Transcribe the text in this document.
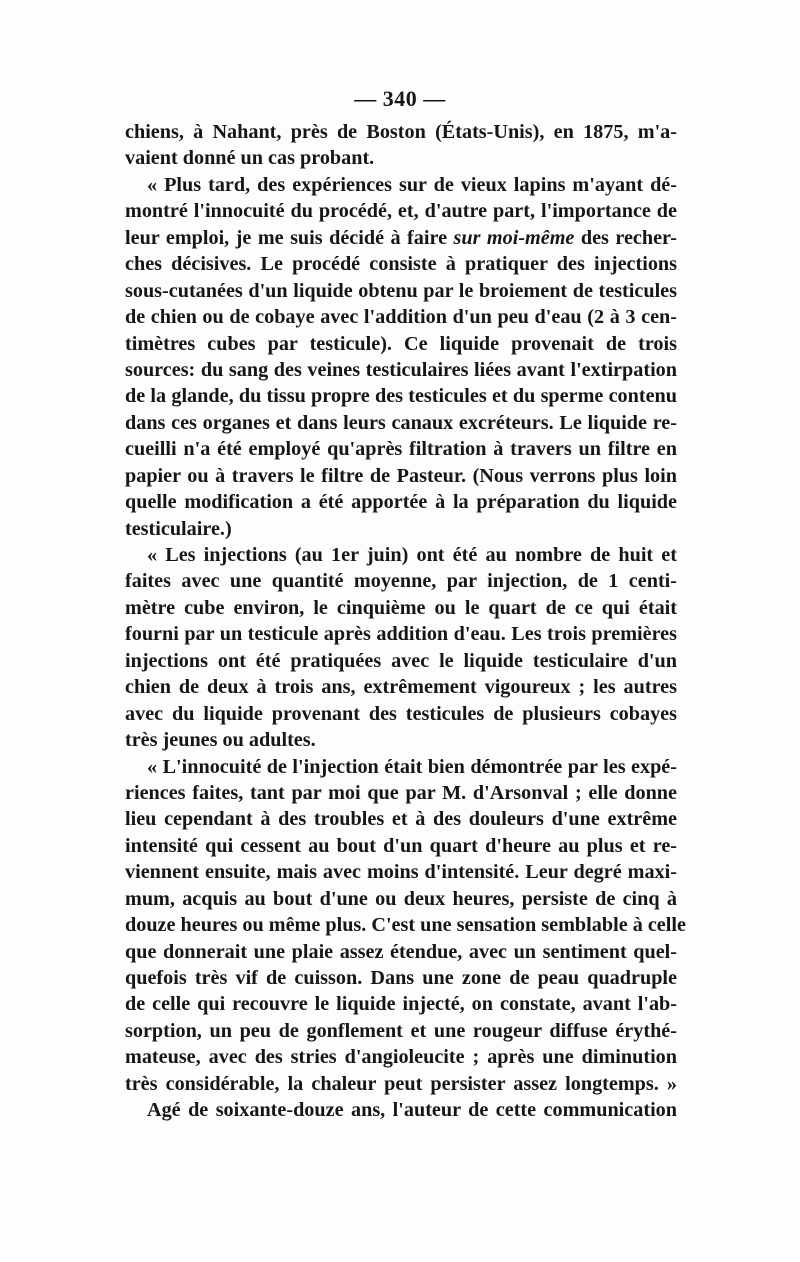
— 340 —
chiens, à Nahant, près de Boston (États-Unis), en 1875, m'a-
vaient donné un cas probant.
« Plus tard, des expériences sur de vieux lapins m'ayant dé-
montré l'innocuité du procédé, et, d'autre part, l'importance de
leur emploi, je me suis décidé à faire sur moi-même des recher-
ches décisives. Le procédé consiste à pratiquer des injections
sous-cutanées d'un liquide obtenu par le broiement de testicules
de chien ou de cobaye avec l'addition d'un peu d'eau (2 à 3 cen-
timètres cubes par testicule). Ce liquide provenait de trois
sources: du sang des veines testiculaires liées avant l'extirpation
de la glande, du tissu propre des testicules et du sperme contenu
dans ces organes et dans leurs canaux excréteurs. Le liquide re-
cueilli n'a été employé qu'après filtration à travers un filtre en
papier ou à travers le filtre de Pasteur. (Nous verrons plus loin
quelle modification a été apportée à la préparation du liquide
testiculaire.)
« Les injections (au 1er juin) ont été au nombre de huit et
faites avec une quantité moyenne, par injection, de 1 centi-
mètre cube environ, le cinquième ou le quart de ce qui était
fourni par un testicule après addition d'eau. Les trois premières
injections ont été pratiquées avec le liquide testiculaire d'un
chien de deux à trois ans, extrêmement vigoureux ; les autres
avec du liquide provenant des testicules de plusieurs cobayes
très jeunes ou adultes.
« L'innocuité de l'injection était bien démontrée par les expé-
riences faites, tant par moi que par M. d'Arsonval ; elle donne
lieu cependant à des troubles et à des douleurs d'une extrême
intensité qui cessent au bout d'un quart d'heure au plus et re-
viennent ensuite, mais avec moins d'intensité. Leur degré maxi-
mum, acquis au bout d'une ou deux heures, persiste de cinq à
douze heures ou même plus. C'est une sensation semblable à celle
que donnerait une plaie assez étendue, avec un sentiment quel-
quefois très vif de cuisson. Dans une zone de peau quadruple
de celle qui recouvre le liquide injecté, on constate, avant l'ab-
sorption, un peu de gonflement et une rougeur diffuse érythé-
mateuse, avec des stries d'angioleucite ; après une diminution
très considérable, la chaleur peut persister assez longtemps. »
Agé de soixante-douze ans, l'auteur de cette communication
